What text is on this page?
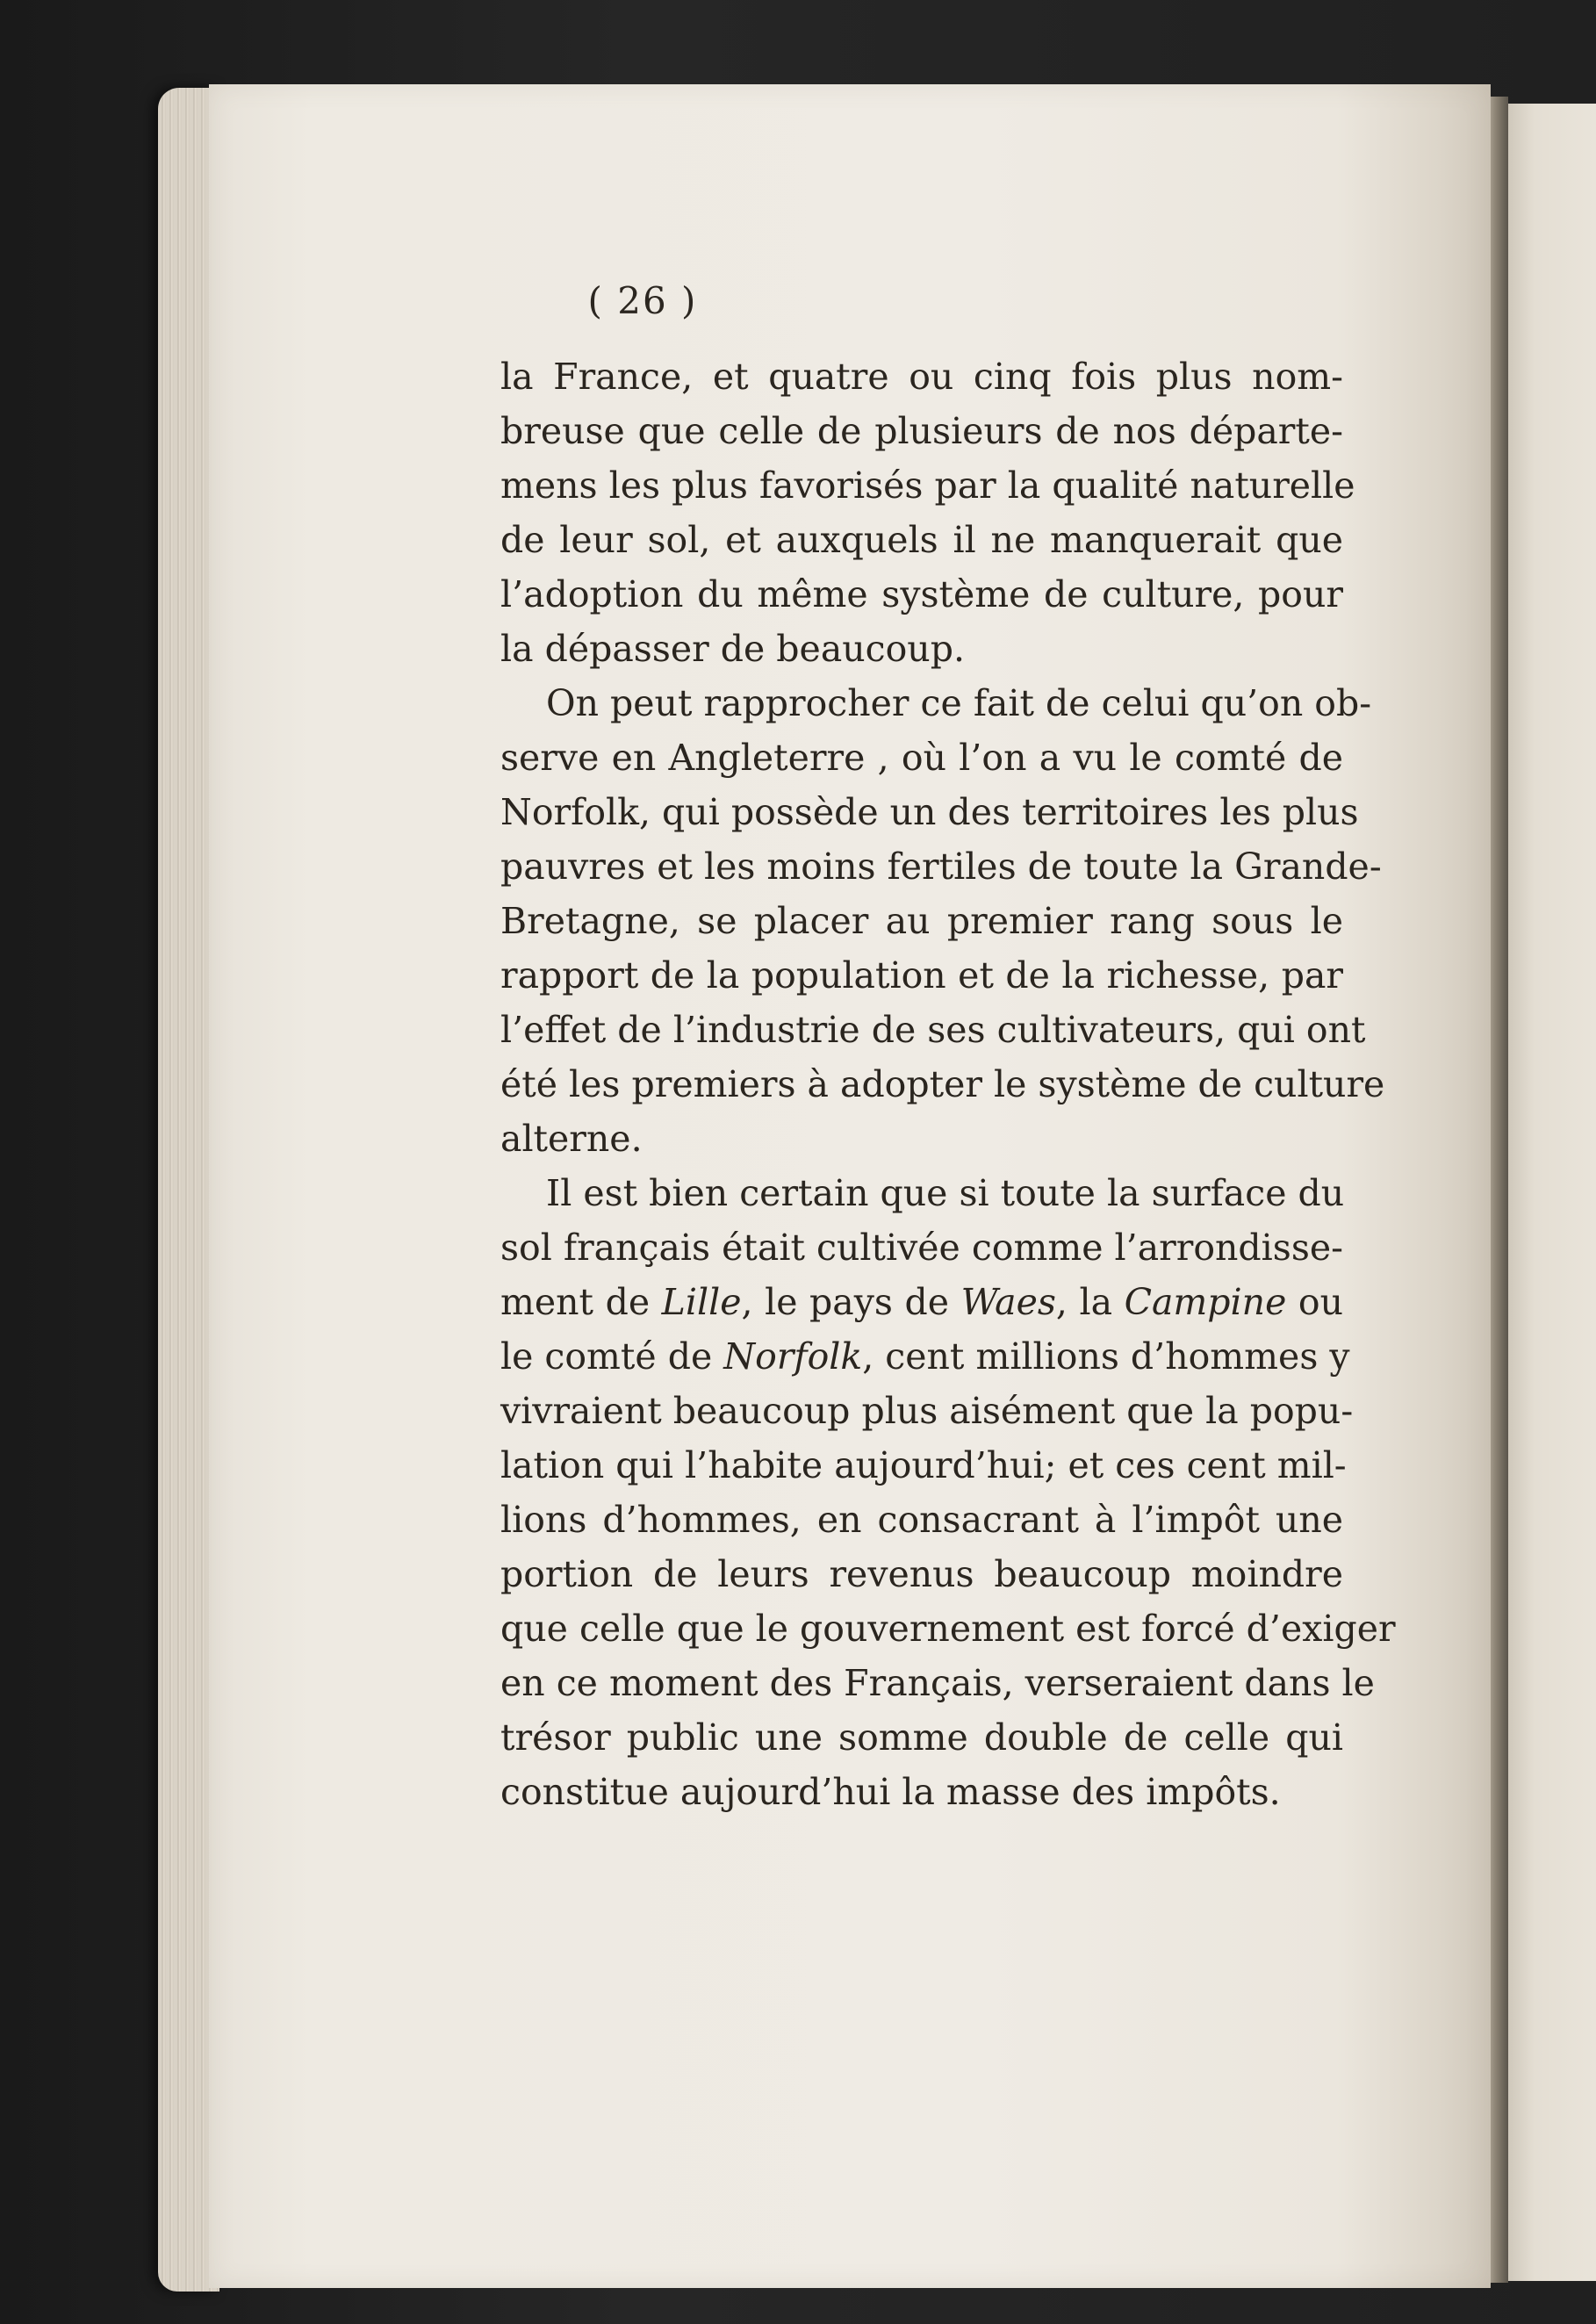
( 26 )
la France, et quatre ou cinq fois plus nom-
breuse que celle de plusieurs de nos départe-
mens les plus favorisés par la qualité naturelle
de leur sol, et auxquels il ne manquerait que
l’adoption du même système de culture, pour
la dépasser de beaucoup.
On peut rapprocher ce fait de celui qu’on ob-
serve en Angleterre , où l’on a vu le comté de
Norfolk, qui possède un des territoires les plus
pauvres et les moins fertiles de toute la Grande-
Bretagne, se placer au premier rang sous le
rapport de la population et de la richesse, par
l’effet de l’industrie de ses cultivateurs, qui ont
été les premiers à adopter le système de culture
alterne.
Il est bien certain que si toute la surface du
sol français était cultivée comme l’arrondisse-
ment de Lille, le pays de Waes, la Campine ou
le comté de Norfolk, cent millions d’hommes y
vivraient beaucoup plus aisément que la popu-
lation qui l’habite aujourd’hui; et ces cent mil-
lions d’hommes, en consacrant à l’impôt une
portion de leurs revenus beaucoup moindre
que celle que le gouvernement est forcé d’exiger
en ce moment des Français, verseraient dans le
trésor public une somme double de celle qui
constitue aujourd’hui la masse des impôts.
